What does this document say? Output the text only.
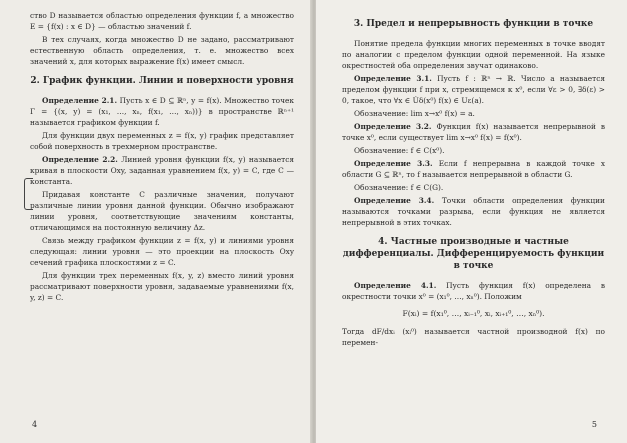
ство D называется областью определения функции f, а множество E = {f(x) : x ∈ D} — областью значений f.

В тех случаях, когда множество D не задано, рассматривают естественную область определения, т. е. множество всех значений x, для которых выражение f(x) имеет смысл.

2. График функции. Линии и поверхности уровня

Определение 2.1. Пусть x ∈ D ⊆ ℝⁿ, y = f(x). Множество точек Γ = {(x, y) = (x₁, …, xₙ, f(x₁, …, xₙ))} в пространстве ℝⁿ⁺¹ называется графиком функции f.

Для функции двух переменных z = f(x, y) график представляет собой поверхность в трехмерном пространстве.

Определение 2.2. Линией уровня функции f(x, y) называется кривая в плоскости Oxy, заданная уравнением f(x, y) = C, где C — константа.

Придавая константе C различные значения, получают различные линии уровня данной функции. Обычно изображают линии уровня, соответствующие значениям константы, отличающимся на постоянную величину Δz.

Связь между графиком функции z = f(x, y) и линиями уровня следующая: линии уровня — это проекции на плоскость Oxy сечений графика плоскостями z = C.

Для функции трех переменных f(x, y, z) вместо линий уровня рассматривают поверхности уровня, задаваемые уравнениями f(x, y, z) = C.

4
3. Предел и непрерывность функции в точке

Понятие предела функции многих переменных в точке вводят по аналогии с пределом функции одной переменной. На языке окрестностей оба определения звучат одинаково.

Определение 3.1. Пусть f : ℝⁿ → ℝ. Число a называется пределом функции f при x, стремящемся к x⁰, если ∀ε > 0, ∃δ(ε) > 0, такое, что ∀x ∈ U̇δ(x⁰) f(x) ∈ Uε(a).

Обозначение: lim x→x⁰ f(x) = a.

Определение 3.2. Функция f(x) называется непрерывной в точке x⁰, если существует lim x→x⁰ f(x) = f(x⁰).

Обозначение: f ∈ C(x⁰).

Определение 3.3. Если f непрерывна в каждой точке x области G ⊆ ℝⁿ, то f называется непрерывной в области G.

Обозначение: f ∈ C(G).

Определение 3.4. Точки области определения функции называются точками разрыва, если функция не является непрерывной в этих точках.

4. Частные производные и частные дифференциалы. Дифференцируемость функции в точке

Определение 4.1. Пусть функция f(x) определена в окрестности точки x⁰ = (x₁⁰, …, xₙ⁰). Положим

F(xᵢ) = f(x₁⁰, …, xᵢ₋₁⁰, xᵢ, xᵢ₊₁⁰, …, xₙ⁰).

Тогда dF/dxᵢ (xᵢ⁰) называется частной производной f(x) по перемен-

5
